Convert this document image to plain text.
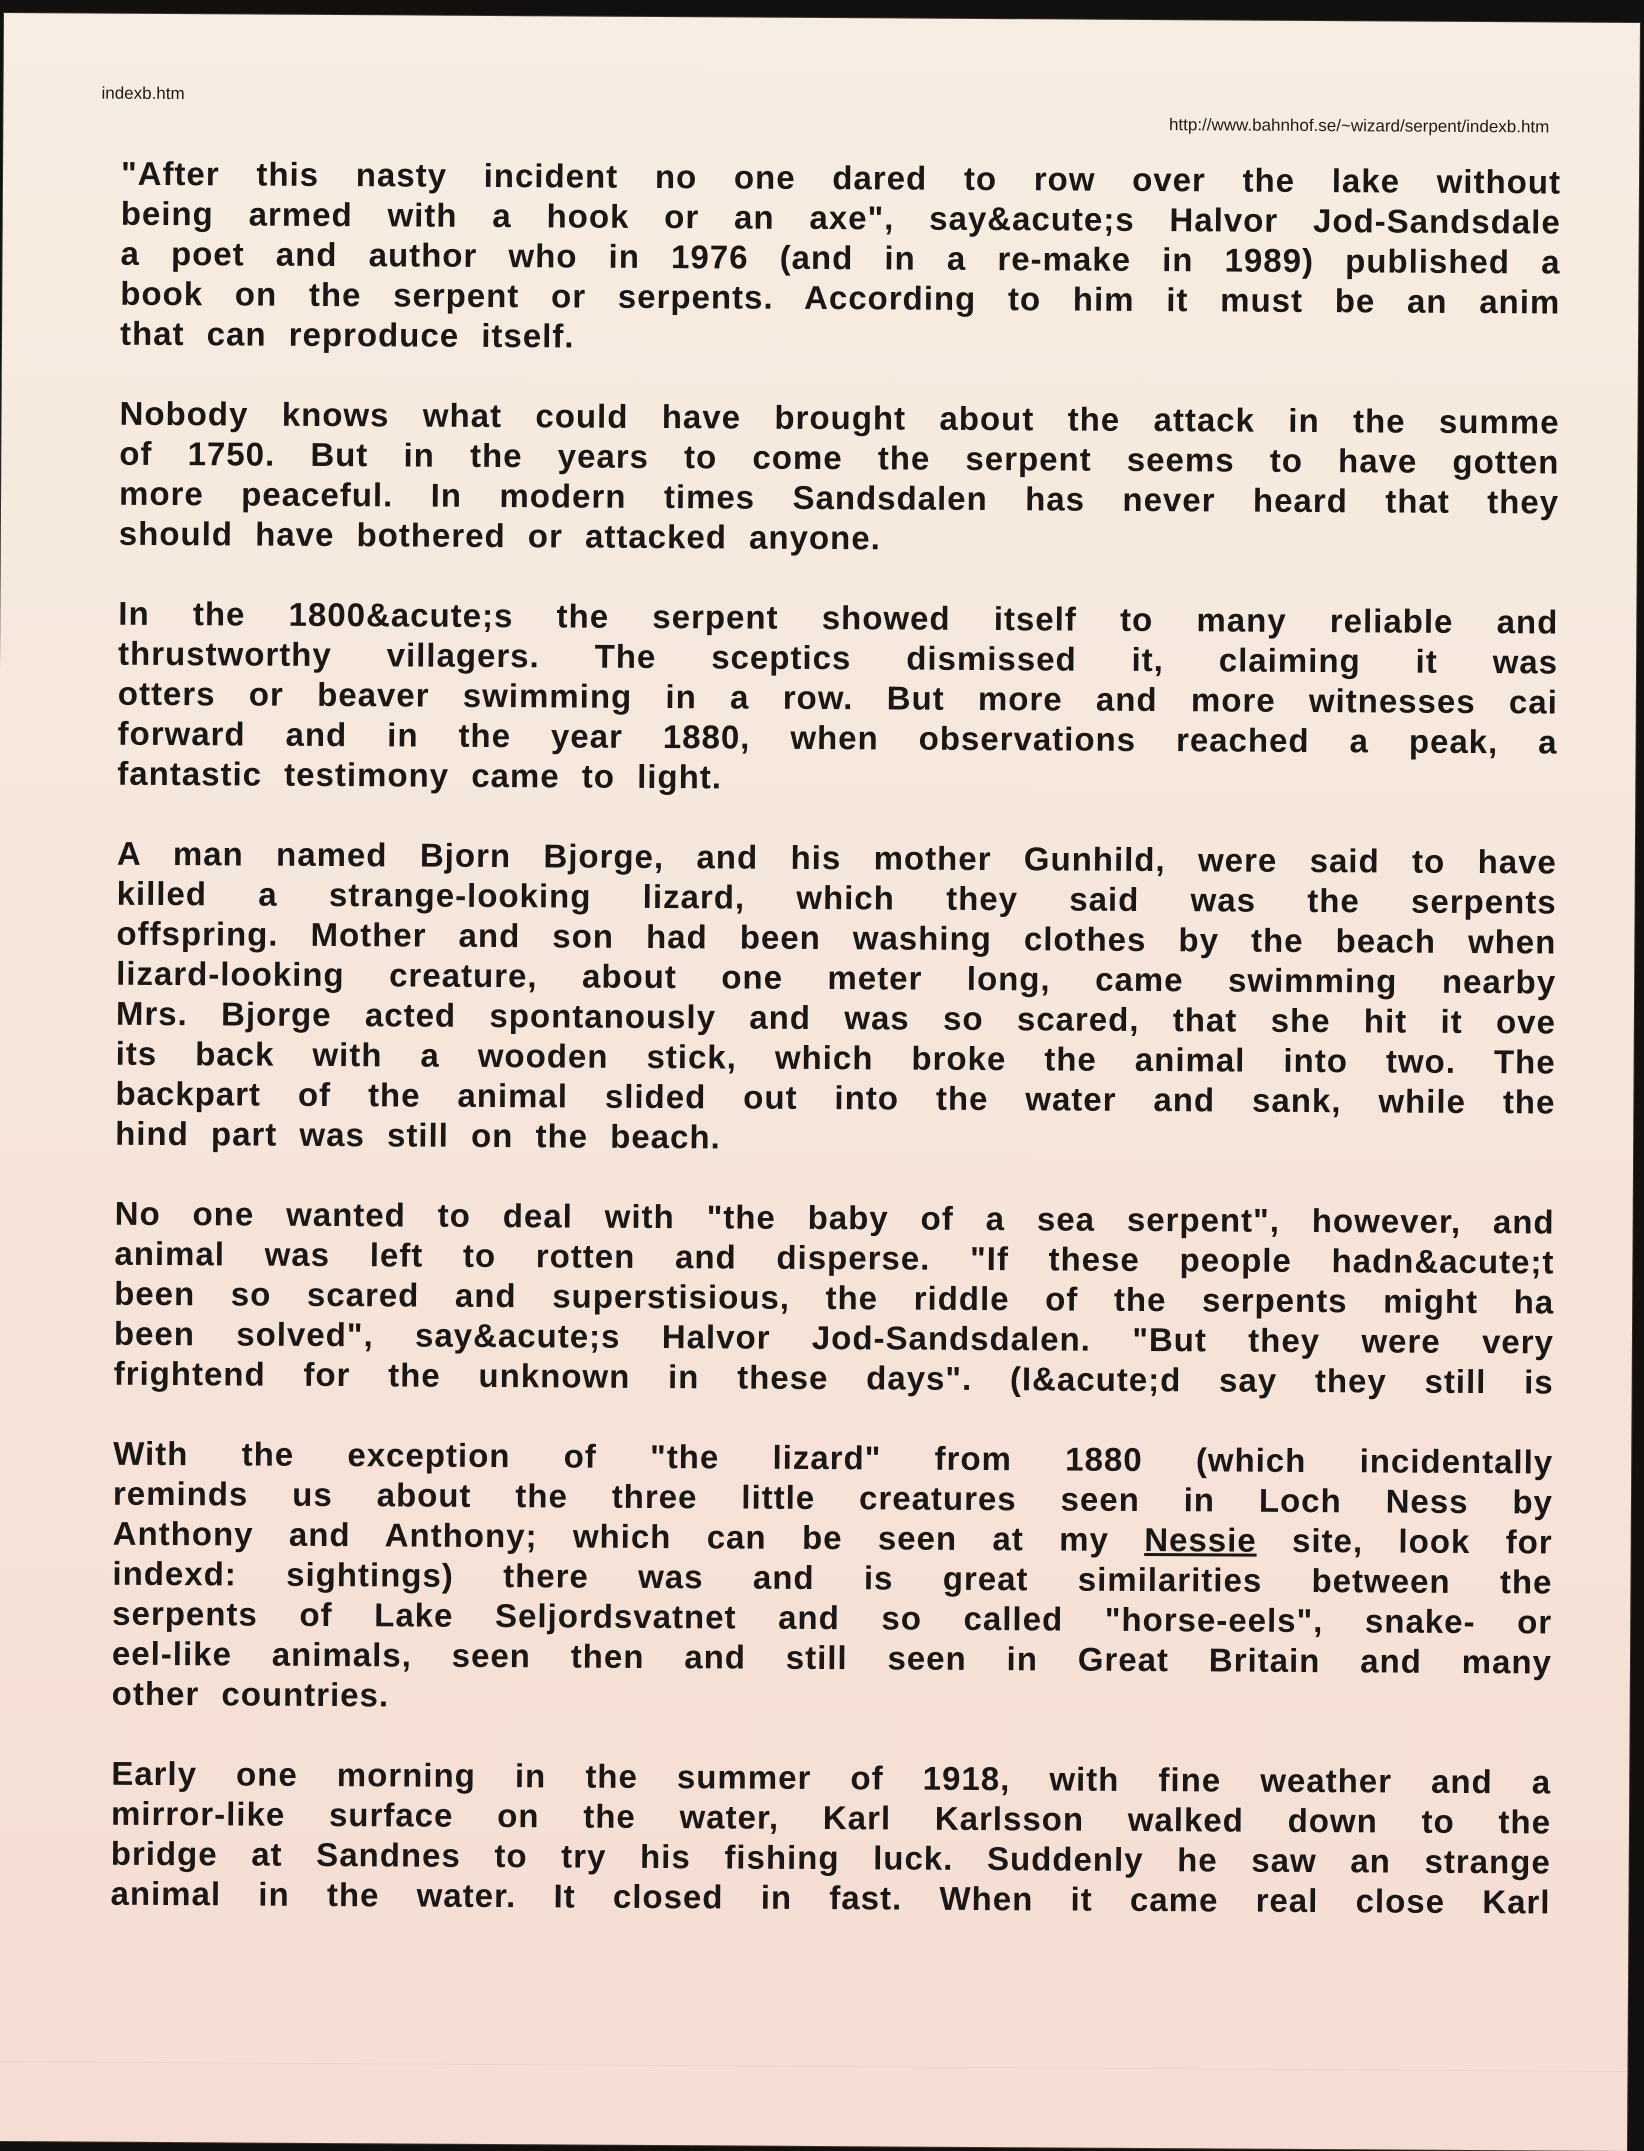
indexb.htm
http://www.bahnhof.se/~wizard/serpent/indexb.htm
"After this nasty incident no one dared to row over the lake without
being armed with a hook or an axe", say&acute;s Halvor Jod-Sandsdale
a poet and author who in 1976 (and in a re-make in 1989) published a
book on the serpent or serpents. According to him it must be an anim
that can reproduce itself.
Nobody knows what could have brought about the attack in the summe
of 1750. But in the years to come the serpent seems to have gotten
more peaceful. In modern times Sandsdalen has never heard that they
should have bothered or attacked anyone.
In the 1800&acute;s the serpent showed itself to many reliable and
thrustworthy villagers. The sceptics dismissed it, claiming it was
otters or beaver swimming in a row. But more and more witnesses cai
forward and in the year 1880, when observations reached a peak, a
fantastic testimony came to light.
A man named Bjorn Bjorge, and his mother Gunhild, were said to have
killed a strange-looking lizard, which they said was the serpents
offspring. Mother and son had been washing clothes by the beach when
lizard-looking creature, about one meter long, came swimming nearby
Mrs. Bjorge acted spontanously and was so scared, that she hit it ove
its back with a wooden stick, which broke the animal into two. The
backpart of the animal slided out into the water and sank, while the
hind part was still on the beach.
No one wanted to deal with "the baby of a sea serpent", however, and
animal was left to rotten and disperse. "If these people hadn&acute;t
been so scared and superstisious, the riddle of the serpents might ha
been solved", say&acute;s Halvor Jod-Sandsdalen. "But they were very
frightend for the unknown in these days". (I&acute;d say they still is
With the exception of "the lizard" from 1880 (which incidentally
reminds us about the three little creatures seen in Loch Ness by
Anthony and Anthony; which can be seen at my Nessie site, look for
indexd: sightings) there was and is great similarities between the
serpents of Lake Seljordsvatnet and so called "horse-eels", snake- or
eel-like animals, seen then and still seen in Great Britain and many
other countries.
Early one morning in the summer of 1918, with fine weather and a
mirror-like surface on the water, Karl Karlsson walked down to the
bridge at Sandnes to try his fishing luck. Suddenly he saw an strange
animal in the water. It closed in fast. When it came real close Karl
